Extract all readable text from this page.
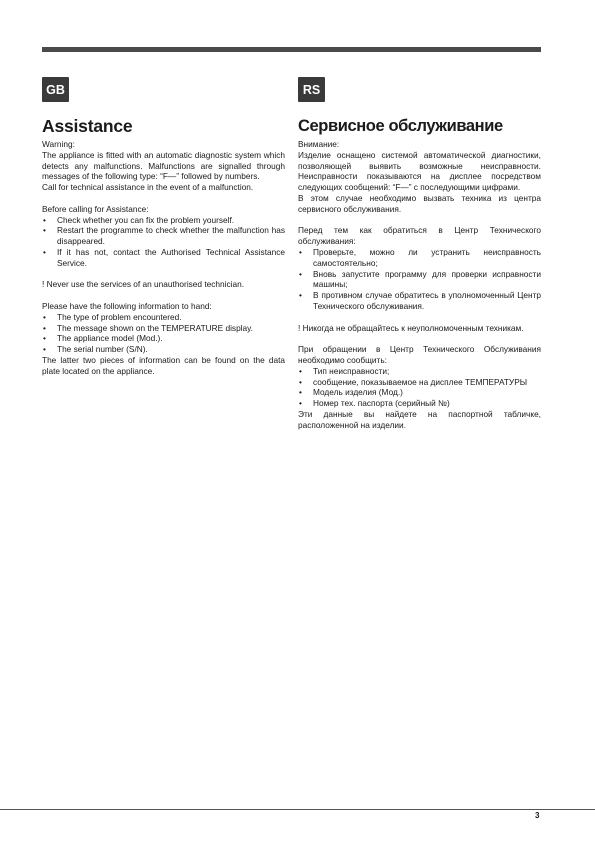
GB	RS
Assistance

Warning:

The appliance is fitted with an automatic diagnostic system which detects any malfunctions. Malfunctions are signalled through messages of the following type: “F—” followed by numbers.

Call for technical assistance in the event of a malfunction.

Before calling for Assistance:

• Check whether you can fix the problem yourself.
• Restart the programme to check whether the malfunction has disappeared.
• If it has not, contact the Authorised Technical Assistance Service.

! Never use the services of an unauthorised technician.

Please have the following information to hand:

• The type of problem encountered.
• The message shown on the TEMPERATURE display.
• The appliance model (Mod.).
• The serial number (S/N).

The latter two pieces of information can be found on the data plate located on the appliance.

Сервисное обслуживание

Внимание:

Изделие оснащено системой автоматической диагностики, позволяющей выявить возможные неисправности. Неисправности показываются на дисплее посредством следующих сообщений: “F—” с последующими цифрами.

В этом случае необходимо вызвать техника из центра сервисного обслуживания.

Перед тем как обратиться в Центр Технического обслуживания:

• Проверьте, можно ли устранить неисправность самостоятельно;
• Вновь запустите программу для проверки исправности машины;
• В противном случае обратитесь в уполномоченный Центр Технического обслуживания.

! Никогда не обращайтесь к неуполномоченным техникам.

При обращении в Центр Технического Обслуживания необходимо сообщить:

• Тип неисправности;
• сообщение, показываемое на дисплее ТЕМПЕРАТУРЫ
• Модель изделия (Мод.)
• Номер тех. паспорта (серийный №)

Эти данные вы найдете на паспортной табличке, расположенной на изделии.

3
